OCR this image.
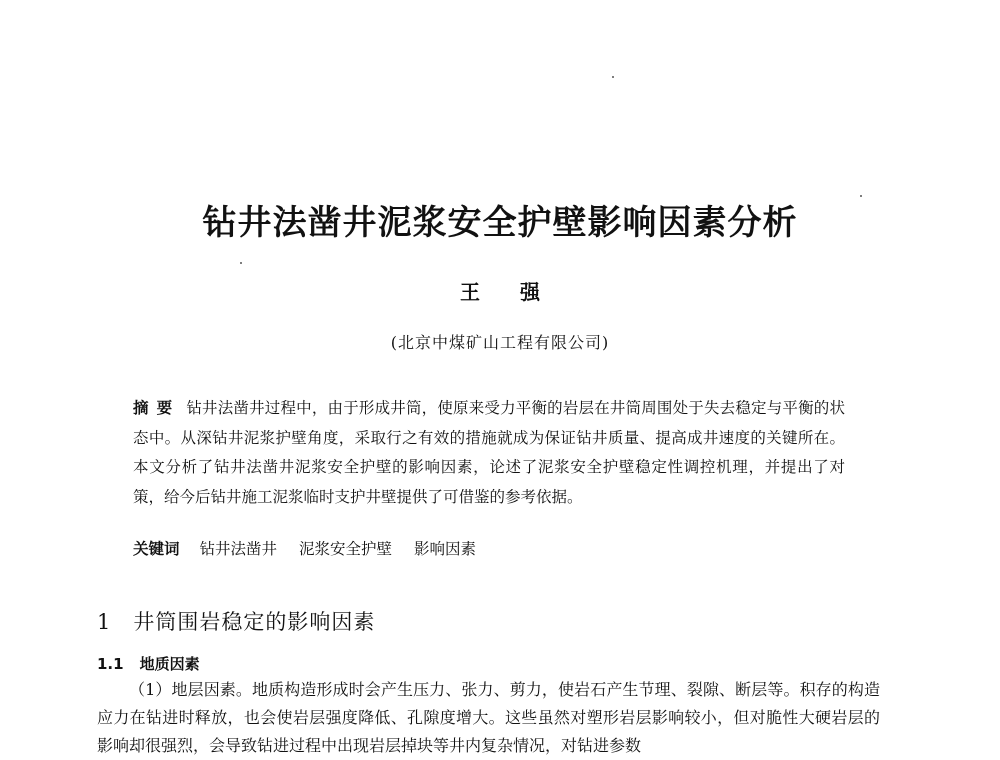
钻井法凿井泥浆安全护壁影响因素分析
王强
(北京中煤矿山工程有限公司)
摘要 钻井法凿井过程中，由于形成井筒，使原来受力平衡的岩层在井筒周围处于失去稳定与平衡的状态中。从深钻井泥浆护壁角度，采取行之有效的措施就成为保证钻井质量、提高成井速度的关键所在。本文分析了钻井法凿井泥浆安全护壁的影响因素，论述了泥浆安全护壁稳定性调控机理，并提出了对策，给今后钻井施工泥浆临时支护井壁提供了可借鉴的参考依据。
关键词 钻井法凿井 泥浆安全护壁 影响因素
1 井筒围岩稳定的影响因素
1.1 地质因素
（1）地层因素。地质构造形成时会产生压力、张力、剪力，使岩石产生节理、裂隙、断层等。积存的构造应力在钻进时释放，也会使岩层强度降低、孔隙度增大。这些虽然对塑形岩层影响较小，但对脆性大硬岩层的影响却很强烈，会导致钻进过程中出现岩层掉块等井内复杂情况，对钻进参数
